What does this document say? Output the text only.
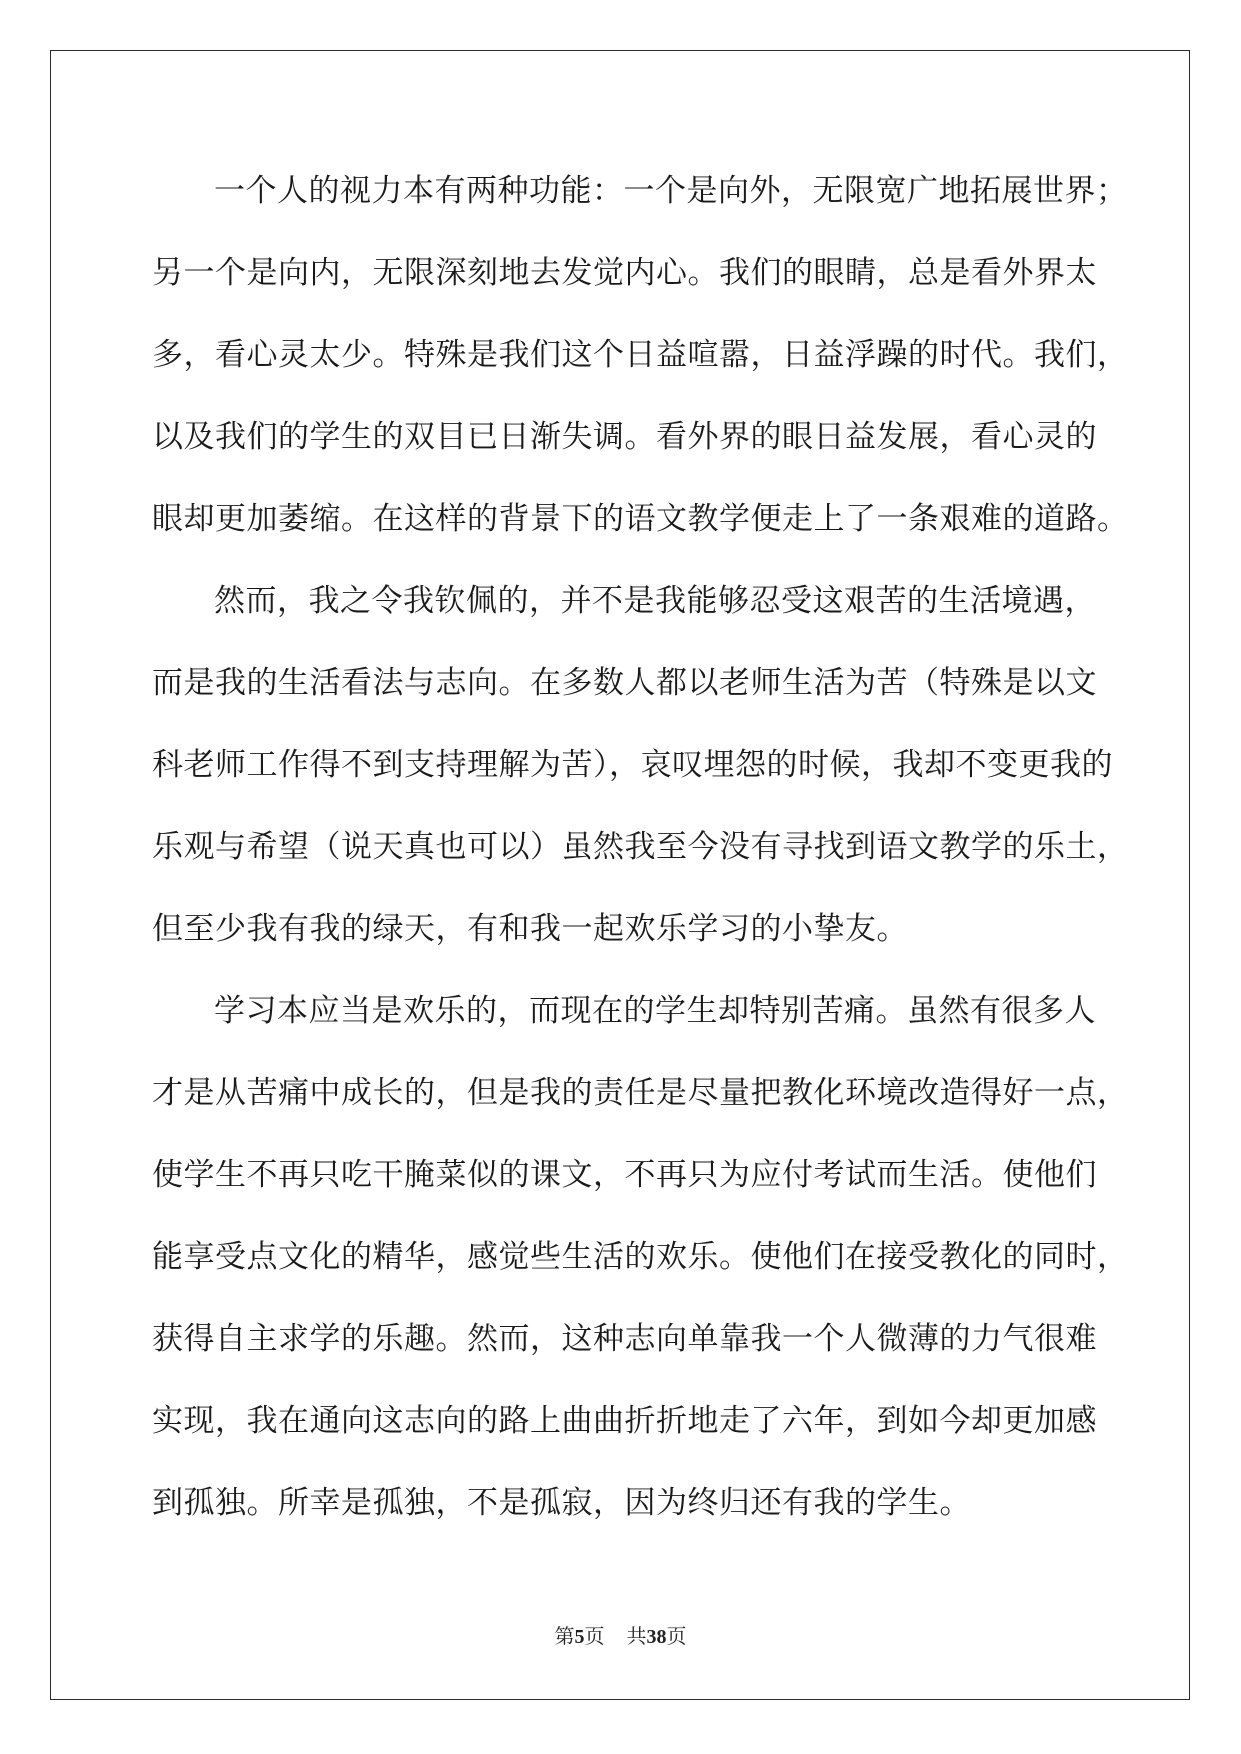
一个人的视力本有两种功能：一个是向外，无限宽广地拓展世界；
另一个是向内，无限深刻地去发觉内心。我们的眼睛，总是看外界太
多，看心灵太少。特殊是我们这个日益喧嚣，日益浮躁的时代。我们，
以及我们的学生的双目已日渐失调。看外界的眼日益发展，看心灵的
眼却更加萎缩。在这样的背景下的语文教学便走上了一条艰难的道路。
然而，我之令我钦佩的，并不是我能够忍受这艰苦的生活境遇，
而是我的生活看法与志向。在多数人都以老师生活为苦（特殊是以文
科老师工作得不到支持理解为苦），哀叹埋怨的时候，我却不变更我的
乐观与希望（说天真也可以）虽然我至今没有寻找到语文教学的乐土，
但至少我有我的绿天，有和我一起欢乐学习的小挚友。
学习本应当是欢乐的，而现在的学生却特别苦痛。虽然有很多人
才是从苦痛中成长的，但是我的责任是尽量把教化环境改造得好一点，
使学生不再只吃干腌菜似的课文，不再只为应付考试而生活。使他们
能享受点文化的精华，感觉些生活的欢乐。使他们在接受教化的同时，
获得自主求学的乐趣。然而，这种志向单靠我一个人微薄的力气很难
实现，我在通向这志向的路上曲曲折折地走了六年，到如今却更加感
到孤独。所幸是孤独，不是孤寂，因为终归还有我的学生。
第5页 共38页
